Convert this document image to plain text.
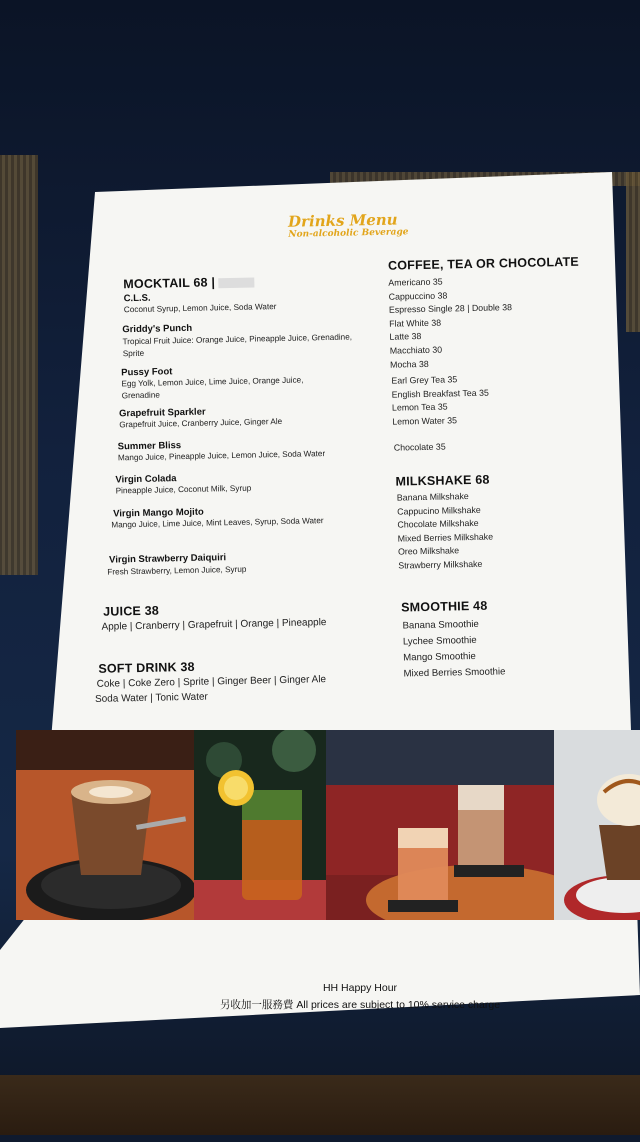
Drinks Menu
Non-alcoholic Beverage
MOCKTAIL 68 |
C.L.S.
Coconut Syrup, Lemon Juice, Soda Water
Griddy's Punch
Tropical Fruit Juice: Orange Juice, Pineapple Juice, Grenadine, Sprite
Pussy Foot
Egg Yolk, Lemon Juice, Lime Juice, Orange Juice, Grenadine
Grapefruit Sparkler
Grapefruit Juice, Cranberry Juice, Ginger Ale
Summer Bliss
Mango Juice, Pineapple Juice, Lemon Juice, Soda Water
Virgin Colada
Pineapple Juice, Coconut Milk, Syrup
Virgin Mango Mojito
Mango Juice, Lime Juice, Mint Leaves, Syrup, Soda Water
Virgin Strawberry Daiquiri
Fresh Strawberry, Lemon Juice, Syrup
JUICE 38
Apple | Cranberry | Grapefruit | Orange | Pineapple
SOFT DRINK 38
Coke | Coke Zero | Sprite | Ginger Beer | Ginger Ale
Soda Water | Tonic Water
COFFEE, TEA OR CHOCOLATE
Americano 35
Cappuccino 38
Espresso Single 28 | Double 38
Flat White 38
Latte 38
Macchiato 30
Mocha 38
Earl Grey Tea 35
English Breakfast Tea 35
Lemon Tea 35
Lemon Water 35
Chocolate 35
MILKSHAKE 68
Banana Milkshake
Cappucino Milkshake
Chocolate Milkshake
Mixed Berries Milkshake
Oreo Milkshake
Strawberry Milkshake
SMOOTHIE 48
Banana Smoothie
Lychee Smoothie
Mango Smoothie
Mixed Berries Smoothie
HH Happy Hour
另收加一服務費 All prices are subject to 10% service charge
